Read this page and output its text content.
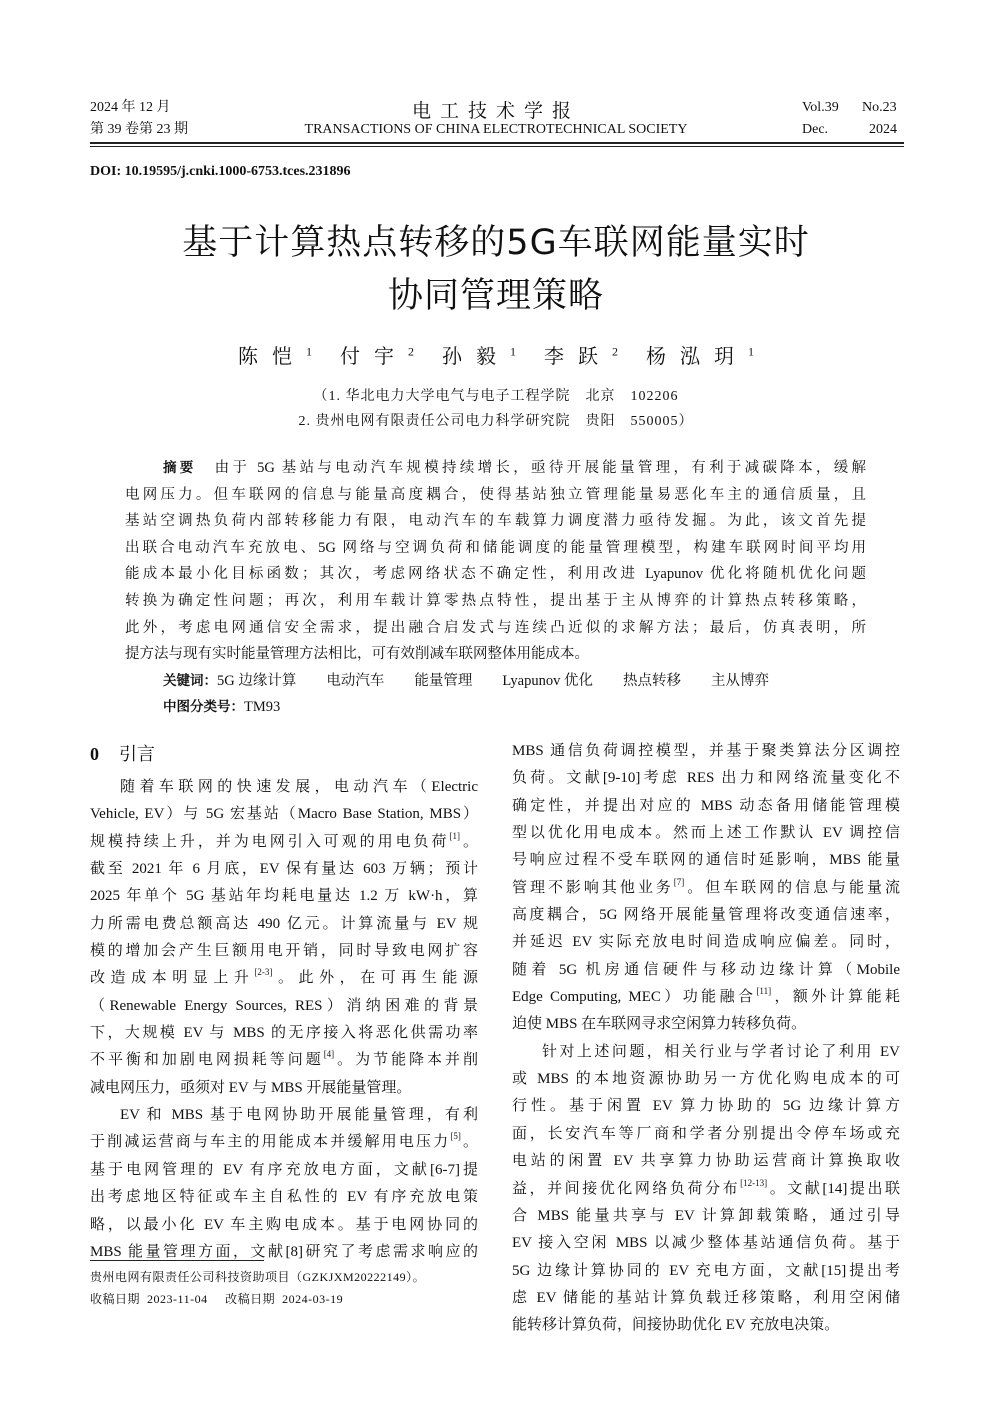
2024 年 12 月
第 39 卷第 23 期
电工技术学报
TRANSACTIONS OF CHINA ELECTROTECHNICAL SOCIETY
Vol.39 No.23
Dec.	2024
DOI: 10.19595/j.cnki.1000-6753.tces.231896
基于计算热点转移的5G车联网能量实时
协同管理策略
陈恺$^1$ 付宇$^2$ 孙毅$^1$ 李跃$^2$ 杨泓玥$^1$
（1. 华北电力大学电气与电子工程学院　北京　102206
2. 贵州电网有限责任公司电力科学研究院　贵阳　550005）
摘要 由于 5G 基站与电动汽车规模持续增长，亟待开展能量管理，有利于减碳降本，缓解
电网压力。但车联网的信息与能量高度耦合，使得基站独立管理能量易恶化车主的通信质量，且
基站空调热负荷内部转移能力有限，电动汽车的车载算力调度潜力亟待发掘。为此，该文首先提
出联合电动汽车充放电、5G 网络与空调负荷和储能调度的能量管理模型，构建车联网时间平均用
能成本最小化目标函数；其次，考虑网络状态不确定性，利用改进 Lyapunov 优化将随机优化问题
转换为确定性问题；再次，利用车载计算零热点特性，提出基于主从博弈的计算热点转移策略，
此外，考虑电网通信安全需求，提出融合启发式与连续凸近似的求解方法；最后，仿真表明，所
提方法与现有实时能量管理方法相比，可有效削减车联网整体用能成本。
关键词：5G 边缘计算 电动汽车 能量管理 Lyapunov 优化 热点转移 主从博弈
中图分类号：TM93
0 引言
随着车联网的快速发展，电动汽车（Electric
Vehicle, EV）与 5G 宏基站（Macro Base Station, MBS）
规模持续上升，并为电网引入可观的用电负荷[1]。
截至 2021 年 6 月底，EV 保有量达 603 万辆；预计
2025 年单个 5G 基站年均耗电量达 1.2 万 kW·h，算
力所需电费总额高达 490 亿元。计算流量与 EV 规
模的增加会产生巨额用电开销，同时导致电网扩容
改造成本明显上升[2-3]。此外，在可再生能源
（Renewable Energy Sources, RES）消纳困难的背景
下，大规模 EV 与 MBS 的无序接入将恶化供需功率
不平衡和加剧电网损耗等问题[4]。为节能降本并削
减电网压力，亟须对 EV 与 MBS 开展能量管理。
EV 和 MBS 基于电网协助开展能量管理，有利
于削减运营商与车主的用能成本并缓解用电压力[5]。
基于电网管理的 EV 有序充放电方面，文献[6-7]提
出考虑地区特征或车主自私性的 EV 有序充放电策
略，以最小化 EV 车主购电成本。基于电网协同的
MBS 能量管理方面，文献[8]研究了考虑需求响应的
MBS 通信负荷调控模型，并基于聚类算法分区调控
负荷。文献[9-10]考虑 RES 出力和网络流量变化不
确定性，并提出对应的 MBS 动态备用储能管理模
型以优化用电成本。然而上述工作默认 EV 调控信
号响应过程不受车联网的通信时延影响，MBS 能量
管理不影响其他业务[7]。但车联网的信息与能量流
高度耦合，5G 网络开展能量管理将改变通信速率，
并延迟 EV 实际充放电时间造成响应偏差。同时，
随着 5G 机房通信硬件与移动边缘计算（Mobile
Edge Computing, MEC）功能融合[11]，额外计算能耗
迫使 MBS 在车联网寻求空闲算力转移负荷。
针对上述问题，相关行业与学者讨论了利用 EV
或 MBS 的本地资源协助另一方优化购电成本的可
行性。基于闲置 EV 算力协助的 5G 边缘计算方
面，长安汽车等厂商和学者分别提出令停车场或充
电站的闲置 EV 共享算力协助运营商计算换取收
益，并间接优化网络负荷分布[12-13]。文献[14]提出联
合 MBS 能量共享与 EV 计算卸载策略，通过引导
EV 接入空闲 MBS 以减少整体基站通信负荷。基于
5G 边缘计算协同的 EV 充电方面，文献[15]提出考
虑 EV 储能的基站计算负载迁移策略，利用空闲储
能转移计算负荷，间接协助优化 EV 充放电决策。
贵州电网有限责任公司科技资助项目（GZKJXM20222149）。
收稿日期 2023-11-04 改稿日期 2024-03-19
